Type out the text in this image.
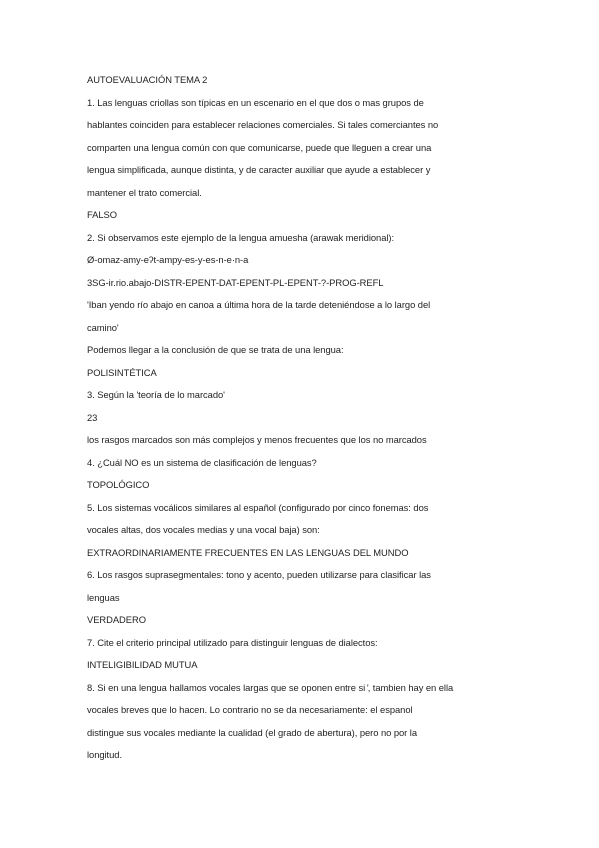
AUTOEVALUACIÓN TEMA 2
1. Las lenguas criollas son típicas en un escenario en el que dos o mas grupos de
hablantes coinciden para establecer relaciones comerciales. Si tales comerciantes no
comparten una lengua común con que comunicarse, puede que lleguen a crear una
lengua simplificada, aunque distinta, y de caracter auxiliar que ayude a establecer y
mantener el trato comercial.
FALSO
2. Si observamos este ejemplo de la lengua amuesha (arawak meridional):
Ø-omaz-amy-eʔt-ampy-es-y-es-n-e·n-a
3SG-ir.rio.abajo-DISTR-EPENT-DAT-EPENT-PL-EPENT-?-PROG-REFL
'Iban yendo río abajo en canoa a última hora de la tarde deteniéndose a lo largo del
camino'
Podemos llegar a la conclusión de que se trata de una lengua:
POLISINTÉTICA
3. Según la 'teoría de lo marcado'
23
los rasgos marcados son más complejos y menos frecuentes que los no marcados
4. ¿Cuál NO es un sistema de clasificación de lenguas?
TOPOLÓGICO
5. Los sistemas vocálicos similares al español (configurado por cinco fonemas: dos
vocales altas, dos vocales medias y una vocal baja) son:
EXTRAORDINARIAMENTE FRECUENTES EN LAS LENGUAS DEL MUNDO
6. Los rasgos suprasegmentales: tono y acento, pueden utilizarse para clasificar las
lenguas
VERDADERO
7. Cite el criterio principal utilizado para distinguir lenguas de dialectos:
INTELIGIBILIDAD MUTUA
8. Si en una lengua hallamos vocales largas que se oponen entre si ̓, tambien hay en ella
vocales breves que lo hacen. Lo contrario no se da necesariamente: el espanol
distingue sus vocales mediante la cualidad (el grado de abertura), pero no por la
longitud.
